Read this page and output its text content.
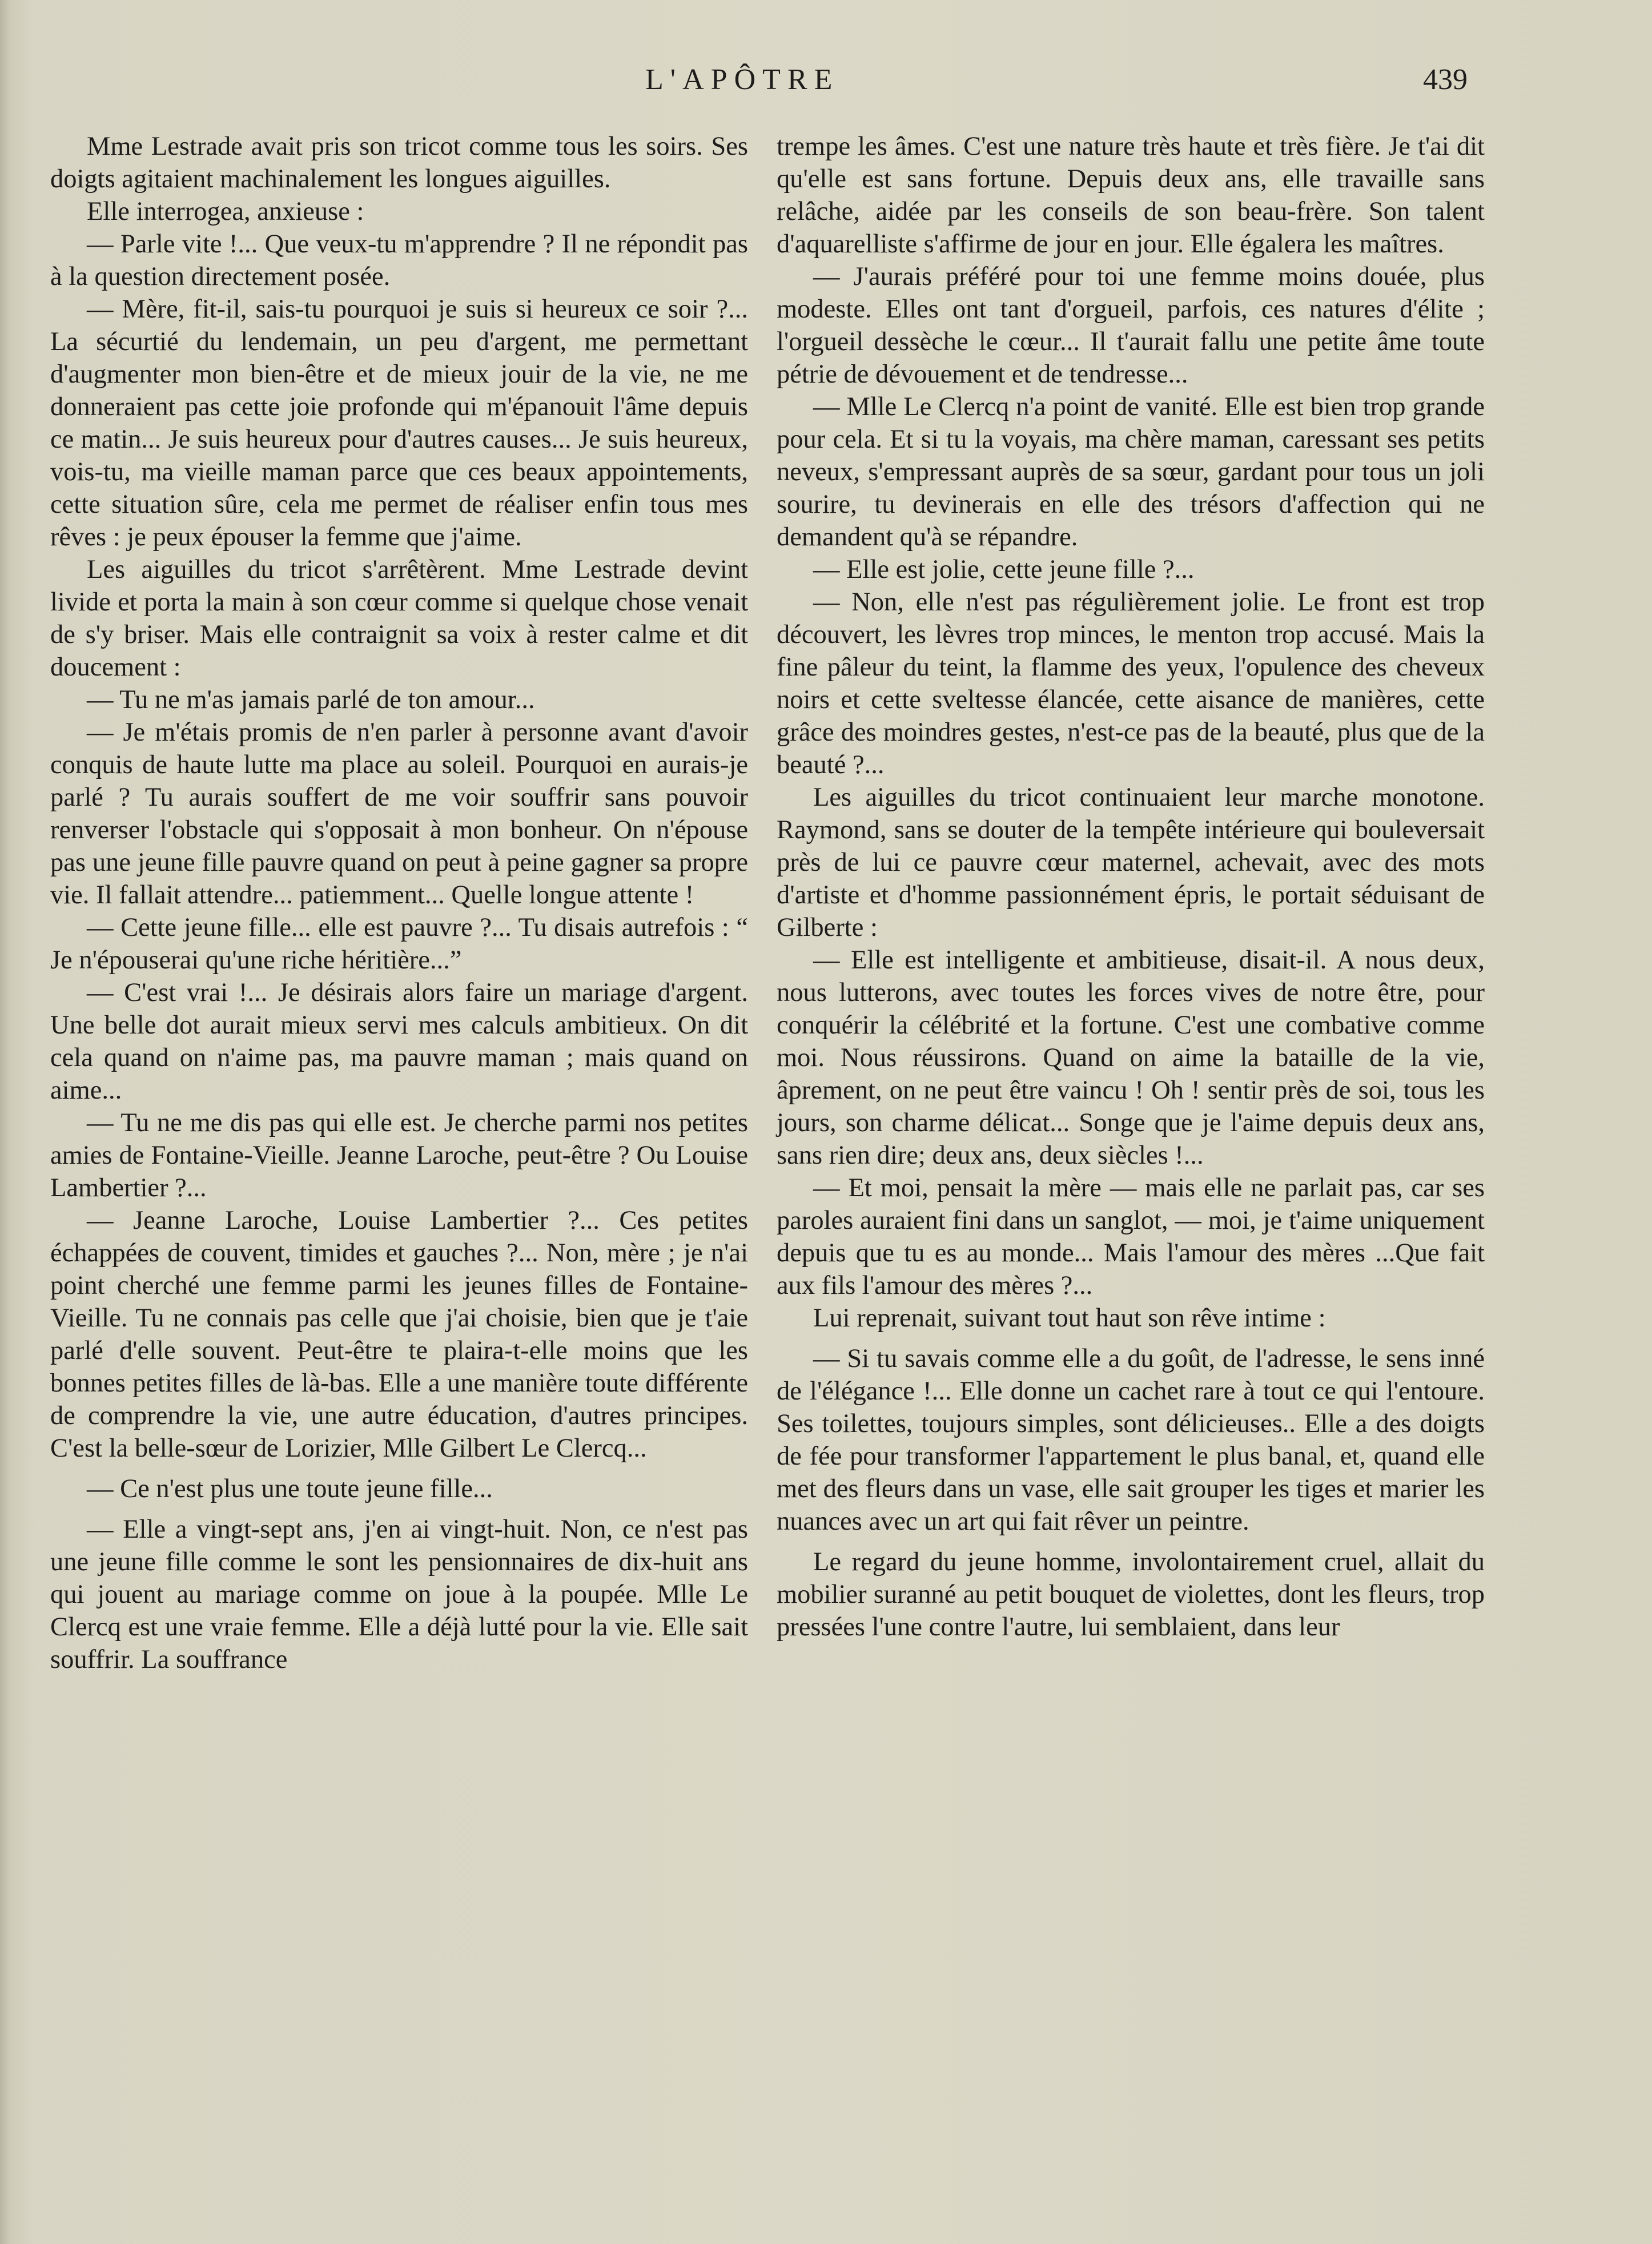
L'APÔTRE	439

Mme Lestrade avait pris son tricot comme tous les soirs. Ses doigts agitaient machinalement les longues aiguilles.

Elle interrogea, anxieuse :

— Parle vite !... Que veux-tu m'apprendre ? Il ne répondit pas à la question directement posée.

— Mère, fit-il, sais-tu pourquoi je suis si heureux ce soir ?... La sécurtié du lendemain, un peu d'argent, me permettant d'augmenter mon bien-être et de mieux jouir de la vie, ne me donneraient pas cette joie profonde qui m'épanouit l'âme depuis ce matin... Je suis heureux pour d'autres causes... Je suis heureux, vois-tu, ma vieille maman parce que ces beaux appointements, cette situation sûre, cela me permet de réaliser enfin tous mes rêves : je peux épouser la femme que j'aime.

Les aiguilles du tricot s'arrêtèrent. Mme Lestrade devint livide et porta la main à son cœur comme si quelque chose venait de s'y briser. Mais elle contraignit sa voix à rester calme et dit doucement :

— Tu ne m'as jamais parlé de ton amour...

— Je m'étais promis de n'en parler à personne avant d'avoir conquis de haute lutte ma place au soleil. Pourquoi en aurais-je parlé ? Tu aurais souffert de me voir souffrir sans pouvoir renverser l'obstacle qui s'opposait à mon bonheur. On n'épouse pas une jeune fille pauvre quand on peut à peine gagner sa propre vie. Il fallait attendre... patiemment... Quelle longue attente !

— Cette jeune fille... elle est pauvre ?... Tu disais autrefois : “ Je n'épouserai qu'une riche héritière...”

— C'est vrai !... Je désirais alors faire un mariage d'argent. Une belle dot aurait mieux servi mes calculs ambitieux. On dit cela quand on n'aime pas, ma pauvre maman ; mais quand on aime...

— Tu ne me dis pas qui elle est. Je cherche parmi nos petites amies de Fontaine-Vieille. Jeanne Laroche, peut-être ? Ou Louise Lambertier ?...

— Jeanne Laroche, Louise Lambertier ?... Ces petites échappées de couvent, timides et gauches ?... Non, mère ; je n'ai point cherché une femme parmi les jeunes filles de Fontaine-Vieille. Tu ne connais pas celle que j'ai choisie, bien que je t'aie parlé d'elle souvent. Peut-être te plaira-t-elle moins que les bonnes petites filles de là-bas. Elle a une manière toute différente de comprendre la vie, une autre éducation, d'autres principes. C'est la belle-sœur de Lorizier, Mlle Gilbert Le Clercq...

— Ce n'est plus une toute jeune fille...

— Elle a vingt-sept ans, j'en ai vingt-huit. Non, ce n'est pas une jeune fille comme le sont les pensionnaires de dix-huit ans qui jouent au mariage comme on joue à la poupée. Mlle Le Clercq est une vraie femme. Elle a déjà lutté pour la vie. Elle sait souffrir. La souffrance

trempe les âmes. C'est une nature très haute et très fière. Je t'ai dit qu'elle est sans fortune. Depuis deux ans, elle travaille sans relâche, aidée par les conseils de son beau-frère. Son talent d'aquarelliste s'affirme de jour en jour. Elle égalera les maîtres.

— J'aurais préféré pour toi une femme moins douée, plus modeste. Elles ont tant d'orgueil, parfois, ces natures d'élite ; l'orgueil dessèche le cœur... Il t'aurait fallu une petite âme toute pétrie de dévouement et de tendresse...

— Mlle Le Clercq n'a point de vanité. Elle est bien trop grande pour cela. Et si tu la voyais, ma chère maman, caressant ses petits neveux, s'empressant auprès de sa sœur, gardant pour tous un joli sourire, tu devinerais en elle des trésors d'affection qui ne demandent qu'à se répandre.

— Elle est jolie, cette jeune fille ?...

— Non, elle n'est pas régulièrement jolie. Le front est trop découvert, les lèvres trop minces, le menton trop accusé. Mais la fine pâleur du teint, la flamme des yeux, l'opulence des cheveux noirs et cette sveltesse élancée, cette aisance de manières, cette grâce des moindres gestes, n'est-ce pas de la beauté, plus que de la beauté ?...

Les aiguilles du tricot continuaient leur marche monotone. Raymond, sans se douter de la tempête intérieure qui bouleversait près de lui ce pauvre cœur maternel, achevait, avec des mots d'artiste et d'homme passionnément épris, le portait séduisant de Gilberte :

— Elle est intelligente et ambitieuse, disait-il. A nous deux, nous lutterons, avec toutes les forces vives de notre être, pour conquérir la célébrité et la fortune. C'est une combative comme moi. Nous réussirons. Quand on aime la bataille de la vie, âprement, on ne peut être vaincu ! Oh ! sentir près de soi, tous les jours, son charme délicat... Songe que je l'aime depuis deux ans, sans rien dire; deux ans, deux siècles !...

— Et moi, pensait la mère — mais elle ne parlait pas, car ses paroles auraient fini dans un sanglot, — moi, je t'aime uniquement depuis que tu es au monde... Mais l'amour des mères ...Que fait aux fils l'amour des mères ?...

Lui reprenait, suivant tout haut son rêve intime :

— Si tu savais comme elle a du goût, de l'adresse, le sens inné de l'élégance !... Elle donne un cachet rare à tout ce qui l'entoure. Ses toilettes, toujours simples, sont délicieuses.. Elle a des doigts de fée pour transformer l'appartement le plus banal, et, quand elle met des fleurs dans un vase, elle sait grouper les tiges et marier les nuances avec un art qui fait rêver un peintre.

Le regard du jeune homme, involontairement cruel, allait du mobilier suranné au petit bouquet de violettes, dont les fleurs, trop pressées l'une contre l'autre, lui semblaient, dans leur
